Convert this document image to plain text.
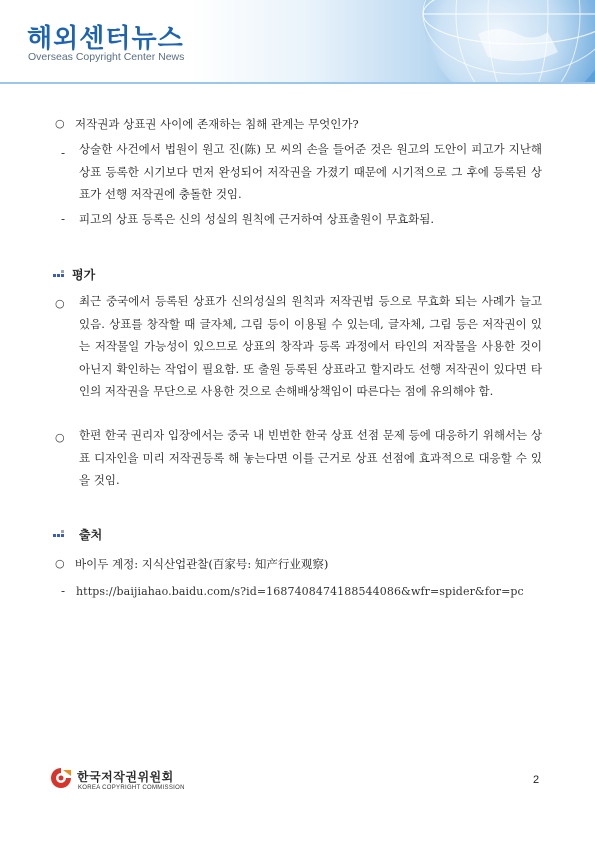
해외센터뉴스
Overseas Copyright Center News
○ 저작권과 상표권 사이에 존재하는 침해 관계는 무엇인가?
- 상술한 사건에서 법원이 원고 진(陈) 모 씨의 손을 들어준 것은 원고의 도안이 피고가 지난해 상표 등록한 시기보다 먼저 완성되어 저작권을 가졌기 때문에 시기적으로 그 후에 등록된 상표가 선행 저작권에 충돌한 것임.
- 피고의 상표 등록은 신의 성실의 원칙에 근거하여 상표출원이 무효화됨.
평가
○ 최근 중국에서 등록된 상표가 신의성실의 원칙과 저작권법 등으로 무효화 되는 사례가 늘고 있음. 상표를 창작할 때 글자체, 그림 등이 이용될 수 있는데, 글자체, 그림 등은 저작권이 있는 저작물일 가능성이 있으므로 상표의 창작과 등록 과정에서 타인의 저작물을 사용한 것이 아닌지 확인하는 작업이 필요함. 또 출원 등록된 상표라고 할지라도 선행 저작권이 있다면 타인의 저작권을 무단으로 사용한 것으로 손해배상책임이 따른다는 점에 유의해야 함.
○ 한편 한국 권리자 입장에서는 중국 내 빈번한 한국 상표 선점 문제 등에 대응하기 위해서는 상표 디자인을 미리 저작권등록 해 놓는다면 이를 근거로 상표 선점에 효과적으로 대응할 수 있을 것임.
출처
○ 바이두 계정: 지식산업관찰(百家号: 知产行业观察)
- https://baijiahao.baidu.com/s?id=1687408474188544086&wfr=spider&for=pc
한국저작권위원회
KOREA COPYRIGHT COMMISSION
2
